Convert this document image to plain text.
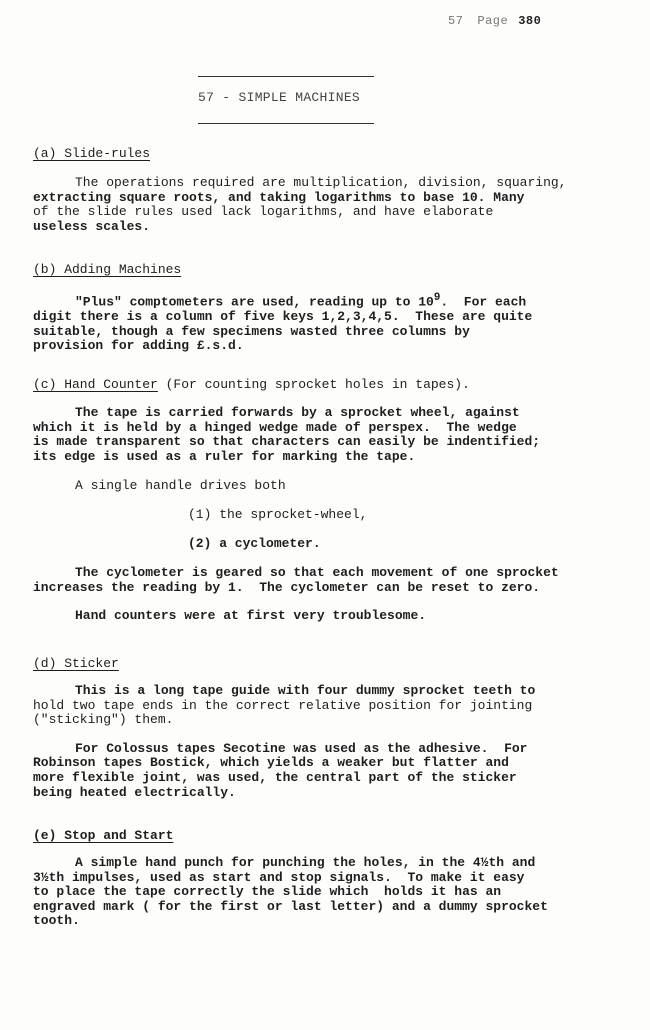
57 Page 380
57 - SIMPLE MACHINES
(a) Slide-rules

The operations required are multiplication, division, squaring,

extracting square roots, and taking logarithms to base 10. Many

of the slide rules used lack logarithms, and have elaborate

useless scales.

(b) Adding Machines

"Plus" comptometers are used, reading up to $10^9$.  For each

digit there is a column of five keys 1,2,3,4,5.  These are quite

suitable, though a few specimens wasted three columns by

provision for adding £.s.d.

(c) Hand Counter (For counting sprocket holes in tapes).

The tape is carried forwards by a sprocket wheel, against

which it is held by a hinged wedge made of perspex.  The wedge

is made transparent so that characters can easily be indentified;

its edge is used as a ruler for marking the tape.

A single handle drives both

(1) the sprocket-wheel,

(2) a cyclometer.

The cyclometer is geared so that each movement of one sprocket

increases the reading by 1.  The cyclometer can be reset to zero.

Hand counters were at first very troublesome.

(d) Sticker

This is a long tape guide with four dummy sprocket teeth to

hold two tape ends in the correct relative position for jointing

("sticking") them.

For Colossus tapes Secotine was used as the adhesive.  For

Robinson tapes Bostick, which yields a weaker but flatter and

more flexible joint, was used, the central part of the sticker

being heated electrically.

(e) Stop and Start

A simple hand punch for punching the holes, in the 4½th and

3½th impulses, used as start and stop signals.  To make it easy

to place the tape correctly the slide which  holds it has an

engraved mark ( for the first or last letter) and a dummy sprocket

tooth.
